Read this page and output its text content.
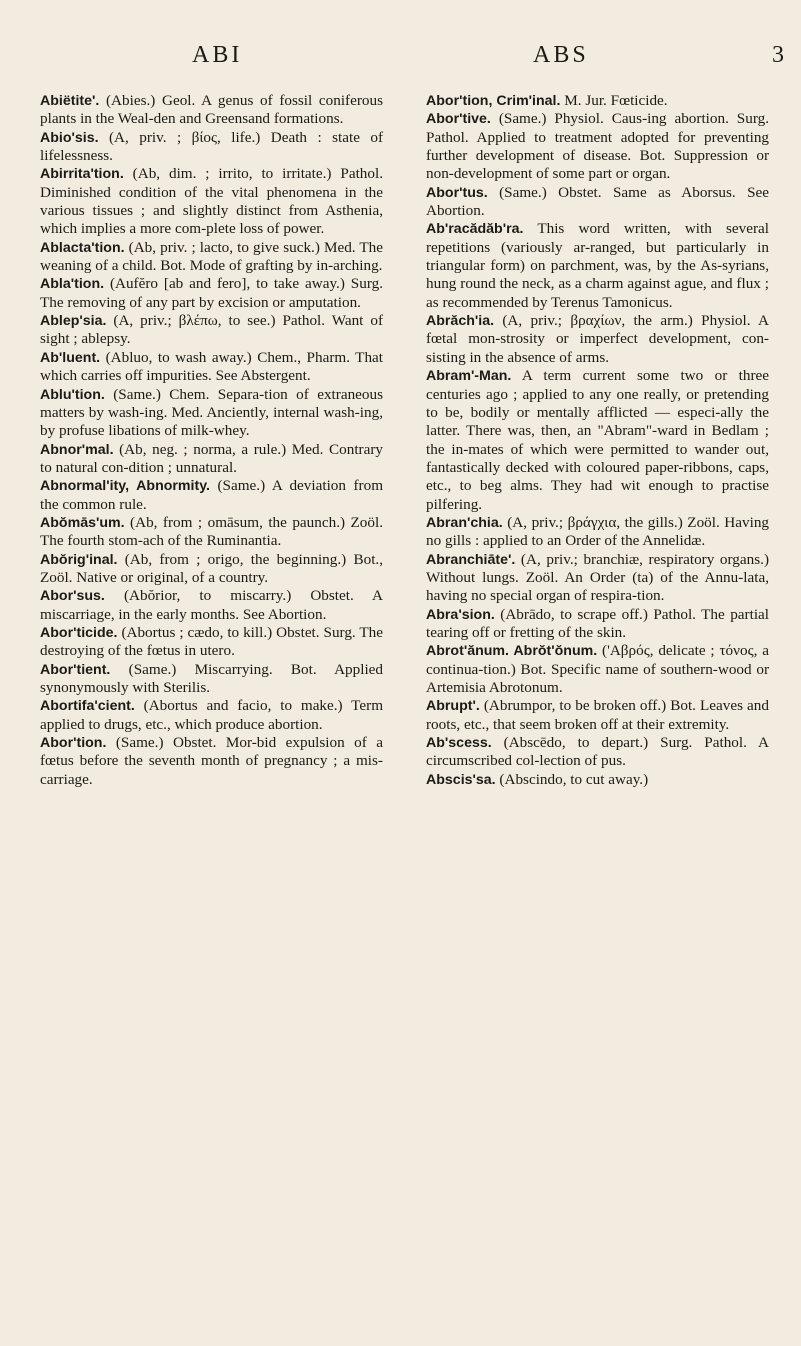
ABI	ABS	3

Abiëtite'. (Abies.) Geol. A genus of fossil coniferous plants in the Weal-den and Greensand formations.

Abio'sis. (A, priv. ; βίος, life.) Death : state of lifelessness.

Abirrita'tion. (Ab, dim. ; irrito, to irritate.) Pathol. Diminished condition of the vital phenomena in the various tissues ; and slightly distinct from Asthenia, which implies a more com-plete loss of power.

Ablacta'tion. (Ab, priv. ; lacto, to give suck.) Med. The weaning of a child. Bot. Mode of grafting by in-arching.

Abla'tion. (Aufĕro [ab and fero], to take away.) Surg. The removing of any part by excision or amputation.

Ablep'sia. (A, priv.; βλέπω, to see.) Pathol. Want of sight ; ablepsy.

Ab'luent. (Abluo, to wash away.) Chem., Pharm. That which carries off impurities. See Abstergent.

Ablu'tion. (Same.) Chem. Separa-tion of extraneous matters by wash-ing. Med. Anciently, internal wash-ing, by profuse libations of milk-whey.

Abnor'mal. (Ab, neg. ; norma, a rule.) Med. Contrary to natural con-dition ; unnatural.

Abnormal'ity, Abnormity. (Same.) A deviation from the common rule.

Abŏmās'um. (Ab, from ; omāsum, the paunch.) Zoöl. The fourth stom-ach of the Ruminantia.

Abŏrig'inal. (Ab, from ; origo, the beginning.) Bot., Zoöl. Native or original, of a country.

Abor'sus. (Abŏrior, to miscarry.) Obstet. A miscarriage, in the early months. See Abortion.

Abor'ticide. (Abortus ; cædo, to kill.) Obstet. Surg. The destroying of the fœtus in utero.

Abor'tient. (Same.) Miscarrying. Bot. Applied synonymously with Sterilis.

Abortifa'cient. (Abortus and facio, to make.) Term applied to drugs, etc., which produce abortion.

Abor'tion. (Same.) Obstet. Mor-bid expulsion of a fœtus before the seventh month of pregnancy ; a mis-carriage.

Abor'tion, Crim'inal. M. Jur. Fœticide.

Abor'tive. (Same.) Physiol. Caus-ing abortion. Surg. Pathol. Applied to treatment adopted for preventing further development of disease. Bot. Suppression or non-development of some part or organ.

Abor'tus. (Same.) Obstet. Same as Aborsus. See Abortion.

Ab'racădăb'ra. This word written, with several repetitions (variously ar-ranged, but particularly in triangular form) on parchment, was, by the As-syrians, hung round the neck, as a charm against ague, and flux ; as recommended by Terenus Tamonicus.

Abrăch'ia. (A, priv.; βραχίων, the arm.) Physiol. A fœtal mon-strosity or imperfect development, con-sisting in the absence of arms.

Abram'-Man. A term current some two or three centuries ago ; applied to any one really, or pretending to be, bodily or mentally afflicted — especi-ally the latter. There was, then, an "Abram"-ward in Bedlam ; the in-mates of which were permitted to wander out, fantastically decked with coloured paper-ribbons, caps, etc., to beg alms. They had wit enough to practise pilfering.

Abran'chia. (A, priv.; βράγχια, the gills.) Zoöl. Having no gills : applied to an Order of the Annelidæ.

Abranchiāte'. (A, priv.; branchiæ, respiratory organs.) Without lungs. Zoöl. An Order (ta) of the Annu-lata, having no special organ of respira-tion.

Abra'sion. (Abrādo, to scrape off.) Pathol. The partial tearing off or fretting of the skin.

Abrot'ănum. Abrŏt'ŏnum. ('Αβρός, delicate ; τόνος, a continua-tion.) Bot. Specific name of southern-wood or Artemisia Abrotonum.

Abrupt'. (Abrumpor, to be broken off.) Bot. Leaves and roots, etc., that seem broken off at their extremity.

Ab'scess. (Abscēdo, to depart.) Surg. Pathol. A circumscribed col-lection of pus.

Abscis'sa. (Abscindo, to cut away.)
